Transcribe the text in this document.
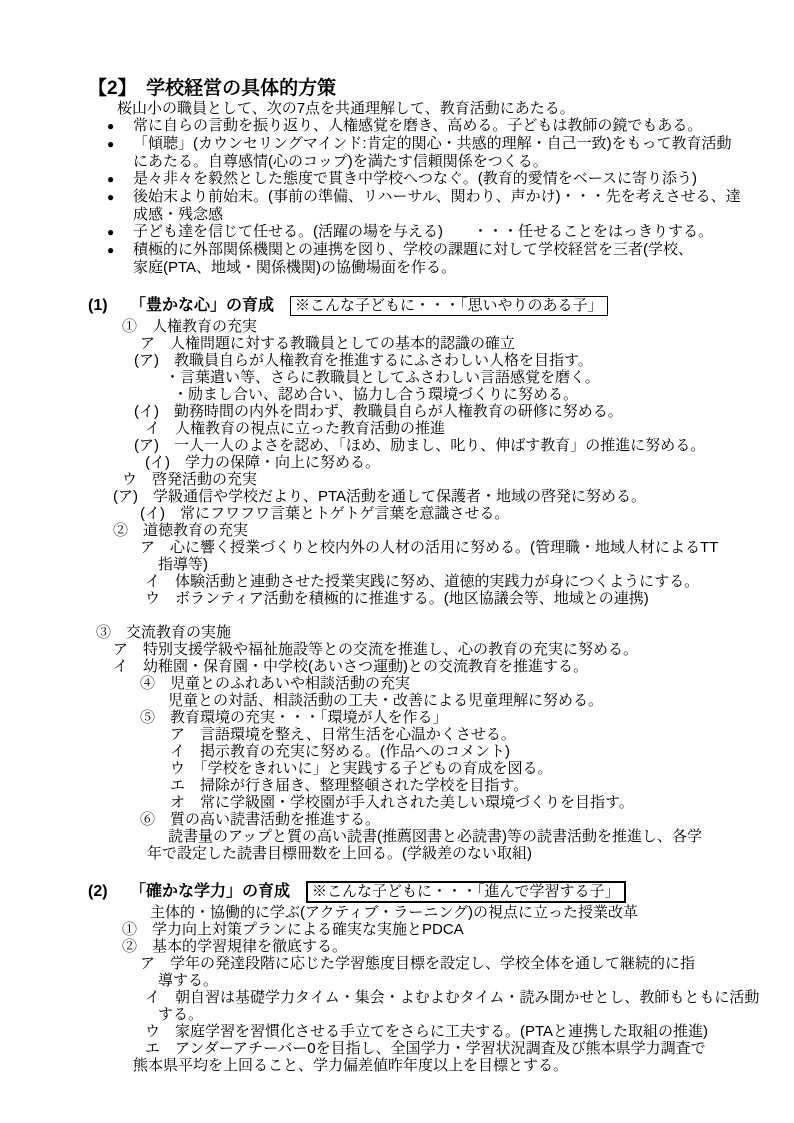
【2】　学校経営の具体的方策
桜山小の職員として、次の7点を共通理解して、教育活動にあたる。
● 常に自らの言動を振り返り、人権感覚を磨き、高める。子どもは教師の鏡でもある。
● 「傾聴」(カウンセリングマインド:肯定的関心・共感的理解・自己一致)をもって教育活動
にあたる。自尊感情(心のコップ)を満たす信頼関係をつくる。
● 是々非々を毅然とした態度で貫き中学校へつなぐ。(教育的愛情をベースに寄り添う)
● 後始末より前始末。(事前の準備、リハーサル、関わり、声かけ)・・・先を考えさせる、達
成感・残念感
● 子ども達を信じて任せる。(活躍の場を与える)　　・・・任せることをはっきりする。
● 積極的に外部関係機関との連携を図り、学校の課題に対して学校経営を三者(学校、
家庭(PTA、地域・関係機関)の協働場面を作る。
(1)	「豊かな心」の育成	※こんな子どもに・・・「思いやりのある子」
①　人権教育の充実
ア　人権問題に対する教職員としての基本的認識の確立
(ア)　教職員自らが人権教育を推進するにふさわしい人格を目指す。
・言葉遣い等、さらに教職員としてふさわしい言語感覚を磨く。
・励まし合い、認め合い、協力し合う環境づくりに努める。
(イ)　勤務時間の内外を問わず、教職員自らが人権教育の研修に努める。
イ　人権教育の視点に立った教育活動の推進
(ア)　一人一人のよさを認め、「ほめ、励まし、叱り、伸ばす教育」の推進に努める。
(イ)　学力の保障・向上に努める。
ウ　啓発活動の充実
(ア)　学級通信や学校だより、PTA活動を通して保護者・地域の啓発に努める。
(イ)　常にフワフワ言葉とトゲトゲ言葉を意識させる。
②　道徳教育の充実
ア　心に響く授業づくりと校内外の人材の活用に努める。(管理職・地域人材によるTT
指導等)
イ　体験活動と連動させた授業実践に努め、道徳的実践力が身につくようにする。
ウ　ボランティア活動を積極的に推進する。(地区協議会等、地域との連携)
③　交流教育の実施
ア　特別支援学級や福祉施設等との交流を推進し、心の教育の充実に努める。
イ　幼稚園・保育園・中学校(あいさつ運動)との交流教育を推進する。
④　児童とのふれあいや相談活動の充実
児童との対話、相談活動の工夫・改善による児童理解に努める。
⑤　教育環境の充実・・・「環境が人を作る」
ア　言語環境を整え、日常生活を心温かくさせる。
イ　掲示教育の充実に努める。(作品へのコメント)
ウ　「学校をきれいに」と実践する子どもの育成を図る。
エ　掃除が行き届き、整理整頓された学校を目指す。
オ　常に学級園・学校園が手入れされた美しい環境づくりを目指す。
⑥　質の高い読書活動を推進する。
読書量のアップと質の高い読書(推薦図書と必読書)等の読書活動を推進し、各学
年で設定した読書目標冊数を上回る。(学級差のない取組)
(2)	「確かな学力」の育成	※こんな子どもに・・・「進んで学習する子」
主体的・協働的に学ぶ(アクティブ・ラーニング)の視点に立った授業改革
①　学力向上対策プランによる確実な実施とPDCA
②　基本的学習規律を徹底する。
ア　学年の発達段階に応じた学習態度目標を設定し、学校全体を通して継続的に指
導する。
イ　朝自習は基礎学力タイム・集会・よむよむタイム・読み聞かせとし、教師もともに活動
する。
ウ　家庭学習を習慣化させる手立てをさらに工夫する。(PTAと連携した取組の推進)
エ　アンダーアチーバー0を目指し、全国学力・学習状況調査及び熊本県学力調査で
熊本県平均を上回ること、学力偏差値昨年度以上を目標とする。
